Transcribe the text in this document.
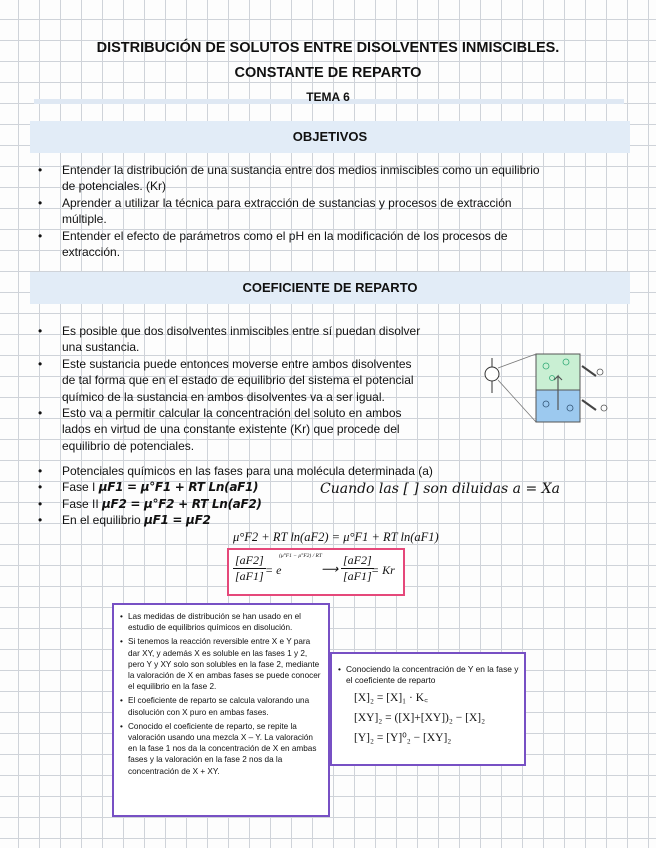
DISTRIBUCIÓN DE SOLUTOS ENTRE DISOLVENTES INMISCIBLES.
CONSTANTE DE REPARTO
TEMA 6
OBJETIVOS
• Entender la distribución de una sustancia entre dos medios inmiscibles como un equilibrio
de potenciales. (Kr)
• Aprender a utilizar la técnica para extracción de sustancias y procesos de extracción
múltiple.
• Entender el efecto de parámetros como el pH en la modificación de los procesos de
extracción.
COEFICIENTE DE REPARTO
• Es posible que dos disolventes inmiscibles entre sí puedan disolver
una sustancia.
• Este sustancia puede entonces moverse entre ambos disolventes
de tal forma que en el estado de equilibrio del sistema el potencial
químico de la sustancia en ambos disolventes va a ser igual.
• Esto va a permitir calcular la concentración del soluto en ambos
lados en virtud de una constante existente (Kr) que procede del
equilibrio de potenciales.
• Potenciales químicos en las fases para una molécula determinada (a)
• Fase I μF1 = μ°F1 + RT Ln(aF1)
• Fase II μF2 = μ°F2 + RT Ln(aF2)
• En el equilibrio μF1 = μF2
Cuando las [ ] son diluidas a = Xa
μ°F2 + RT ln(aF2) = μ°F1 + RT ln(aF1)
$\frac{[aF2]}{[aF1]} = e$
(μ°F1 − μ°F2) / RT
⟶ $\frac{[aF2]}{[aF1]}$
= Kr
• Las medidas de distribución se han usado en el estudio de equilibrios químicos en disolución.
• Si tenemos la reacción reversible entre X e Y para dar XY, y además X es soluble en las fases 1 y 2, pero Y y XY solo son solubles en la fase 2, mediante la valoración de X en ambas fases se puede conocer el equilibrio en la fase 2.
• El coeficiente de reparto se calcula valorando una disolución con X puro en ambas fases.
• Conocido el coeficiente de reparto, se repite la valoración usando una mezcla X – Y. La valoración en la fase 1 nos da la concentración de X en ambas fases y la valoración en la fase 2 nos da la concentración de X + XY.

• Conociendo la concentración de Y en la fase y el coeficiente de reparto

[X]₂ = [X]₁ · K꜀
[XY]₂ = ([X]+[XY])₂ − [X]₂
[Y]₂ = [Y]⁰₂ − [XY]₂
